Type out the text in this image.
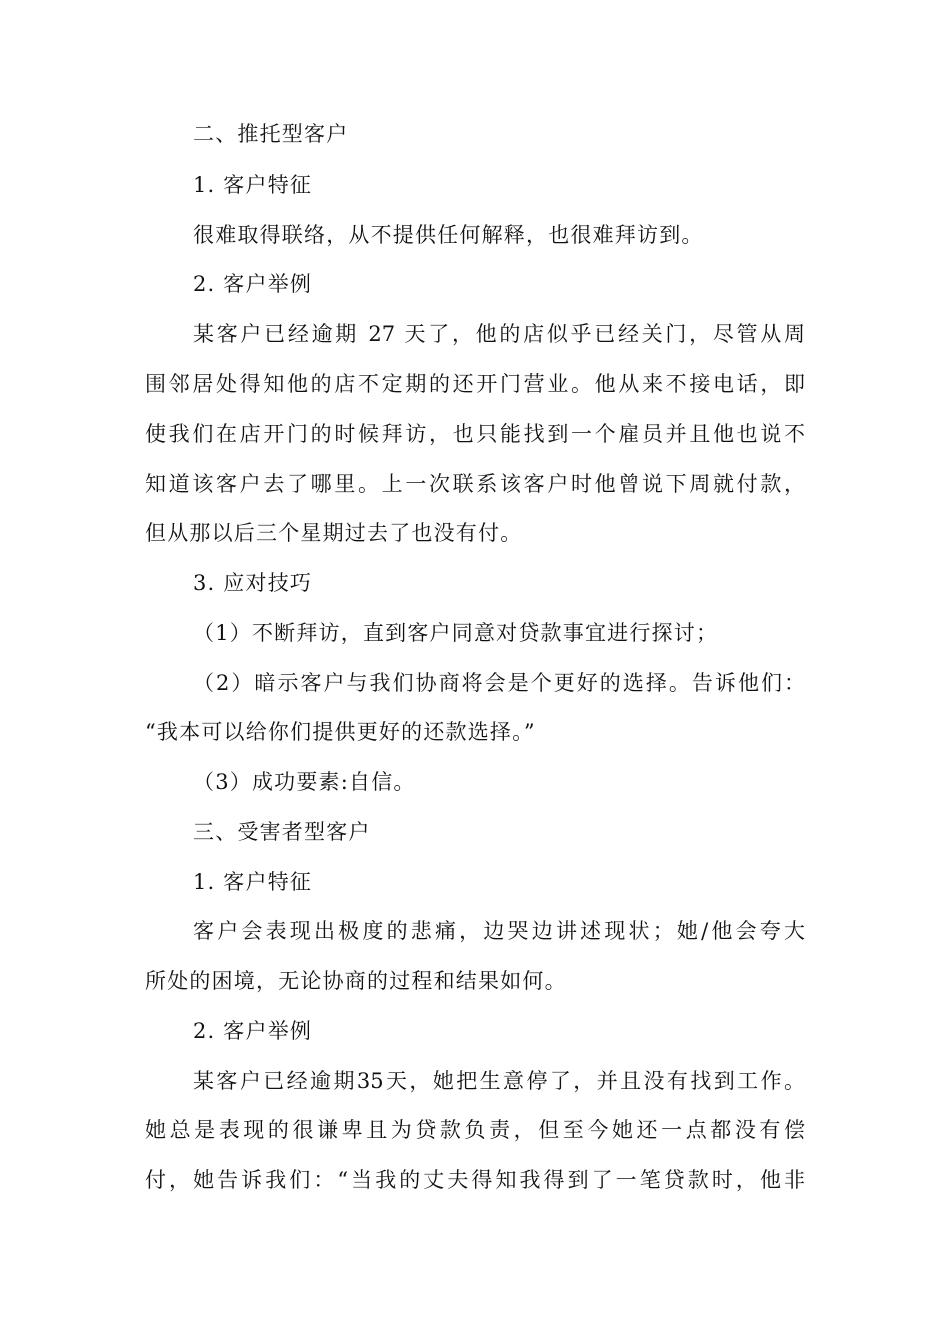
二、推托型客户
1. 客户特征
很难取得联络，从不提供任何解释，也很难拜访到。
2. 客户举例
某客户已经逾期 27 天了，他的店似乎已经关门，尽管从周
围邻居处得知他的店不定期的还开门营业。他从来不接电话，即
使我们在店开门的时候拜访，也只能找到一个雇员并且他也说不
知道该客户去了哪里。上一次联系该客户时他曾说下周就付款，
但从那以后三个星期过去了也没有付。
3. 应对技巧
（1）不断拜访，直到客户同意对贷款事宜进行探讨；
（2）暗示客户与我们协商将会是个更好的选择。告诉他们：
“我本可以给你们提供更好的还款选择。”
（3）成功要素:自信。
三、受害者型客户
1. 客户特征
客户会表现出极度的悲痛，边哭边讲述现状；她/他会夸大
所处的困境，无论协商的过程和结果如何。
2. 客户举例
某客户已经逾期35天，她把生意停了，并且没有找到工作。
她总是表现的很谦卑且为贷款负责，但至今她还一点都没有偿
付，她告诉我们：“当我的丈夫得知我得到了一笔贷款时，他非
